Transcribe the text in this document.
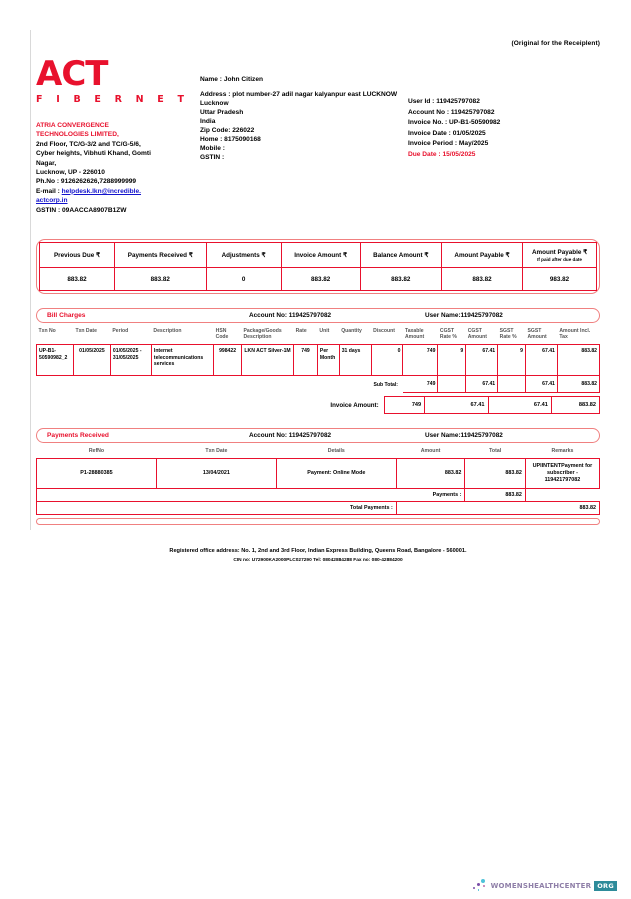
(Original for the Receiplent)
ACT
F I B E R N E T
ATRIA CONVERGENCE
TECHNOLOGIES LIMITED,
2nd Floor, TC/G-3/2 and TC/G-5/6,
Cyber heights, Vibhuti Khand, Gomti
Nagar,
Lucknow, UP - 226010
Ph.No : 9126262626,7288999999
E-mail : helpdesk.lkn@incredible.
actcorp.in
GSTIN : 09AACCA8907B1ZW
Name : John Citizen
Address : plot number-27 adil nagar kalyanpur east LUCKNOW
Lucknow
Uttar Pradesh
India
Zip Code: 226022
Home : 8175090168
Mobile :
GSTIN :
User Id : 119425797082
Account No : 119425797082
Invoice No. : UP-B1-50590982
Invoice Date : 01/05/2025
Invoice Period : May/2025
Due Date : 15/05/2025
Previous Due ₹	Payments Received ₹	Adjustments ₹	Invoice Amount ₹	Balance Amount ₹	Amount Payable ₹	Amount Payable ₹
If paid after due date

883.82	883.82	0	883.82	883.82	883.82	983.82
Bill Charges	Account No: 119425797082	User Name:119425797082
Txn No	Txn Date	Period	Description	HSN Code	Package/Goods Description	Rate	Unit	Quantity	Discount	Taxable Amount	CGST Rate %	CGST Amount	SGST Rate %	SGST Amount	Amount Incl. Tax
UP-B1-50590982_2	01/05/2025	01/05/2025 - 31/05/2025	Internet telecommunications services	998422	LKN ACT Silver-1M	749	Per Month	31 days	0	749	9	67.41	9	67.41	883.82
									Sub Total:	749		67.41		67.41	883.82
	Invoice Amount:	749	67.41	67.41	883.82
Payments Received	Account No: 119425797082	User Name:119425797082
RefNo	Txn Date	Details	Amount	Total	Remarks
P1-28880385	13/04/2021	Payment: Online Mode	883.82	883.82	UPIINTENTPayment for
subscriber - 119421797082
Payments :				883.82	
Total Payments :			883.82		
Registered office address: No. 1, 2nd and 3rd Floor, Indian Express Building, Queens Road, Bangalore - 560001.
CIN no: U72900KA2000PLC027290 Tel: 08042884288 Fax no: 080-42884200
WOMENSHEALTHCENTER ORG
